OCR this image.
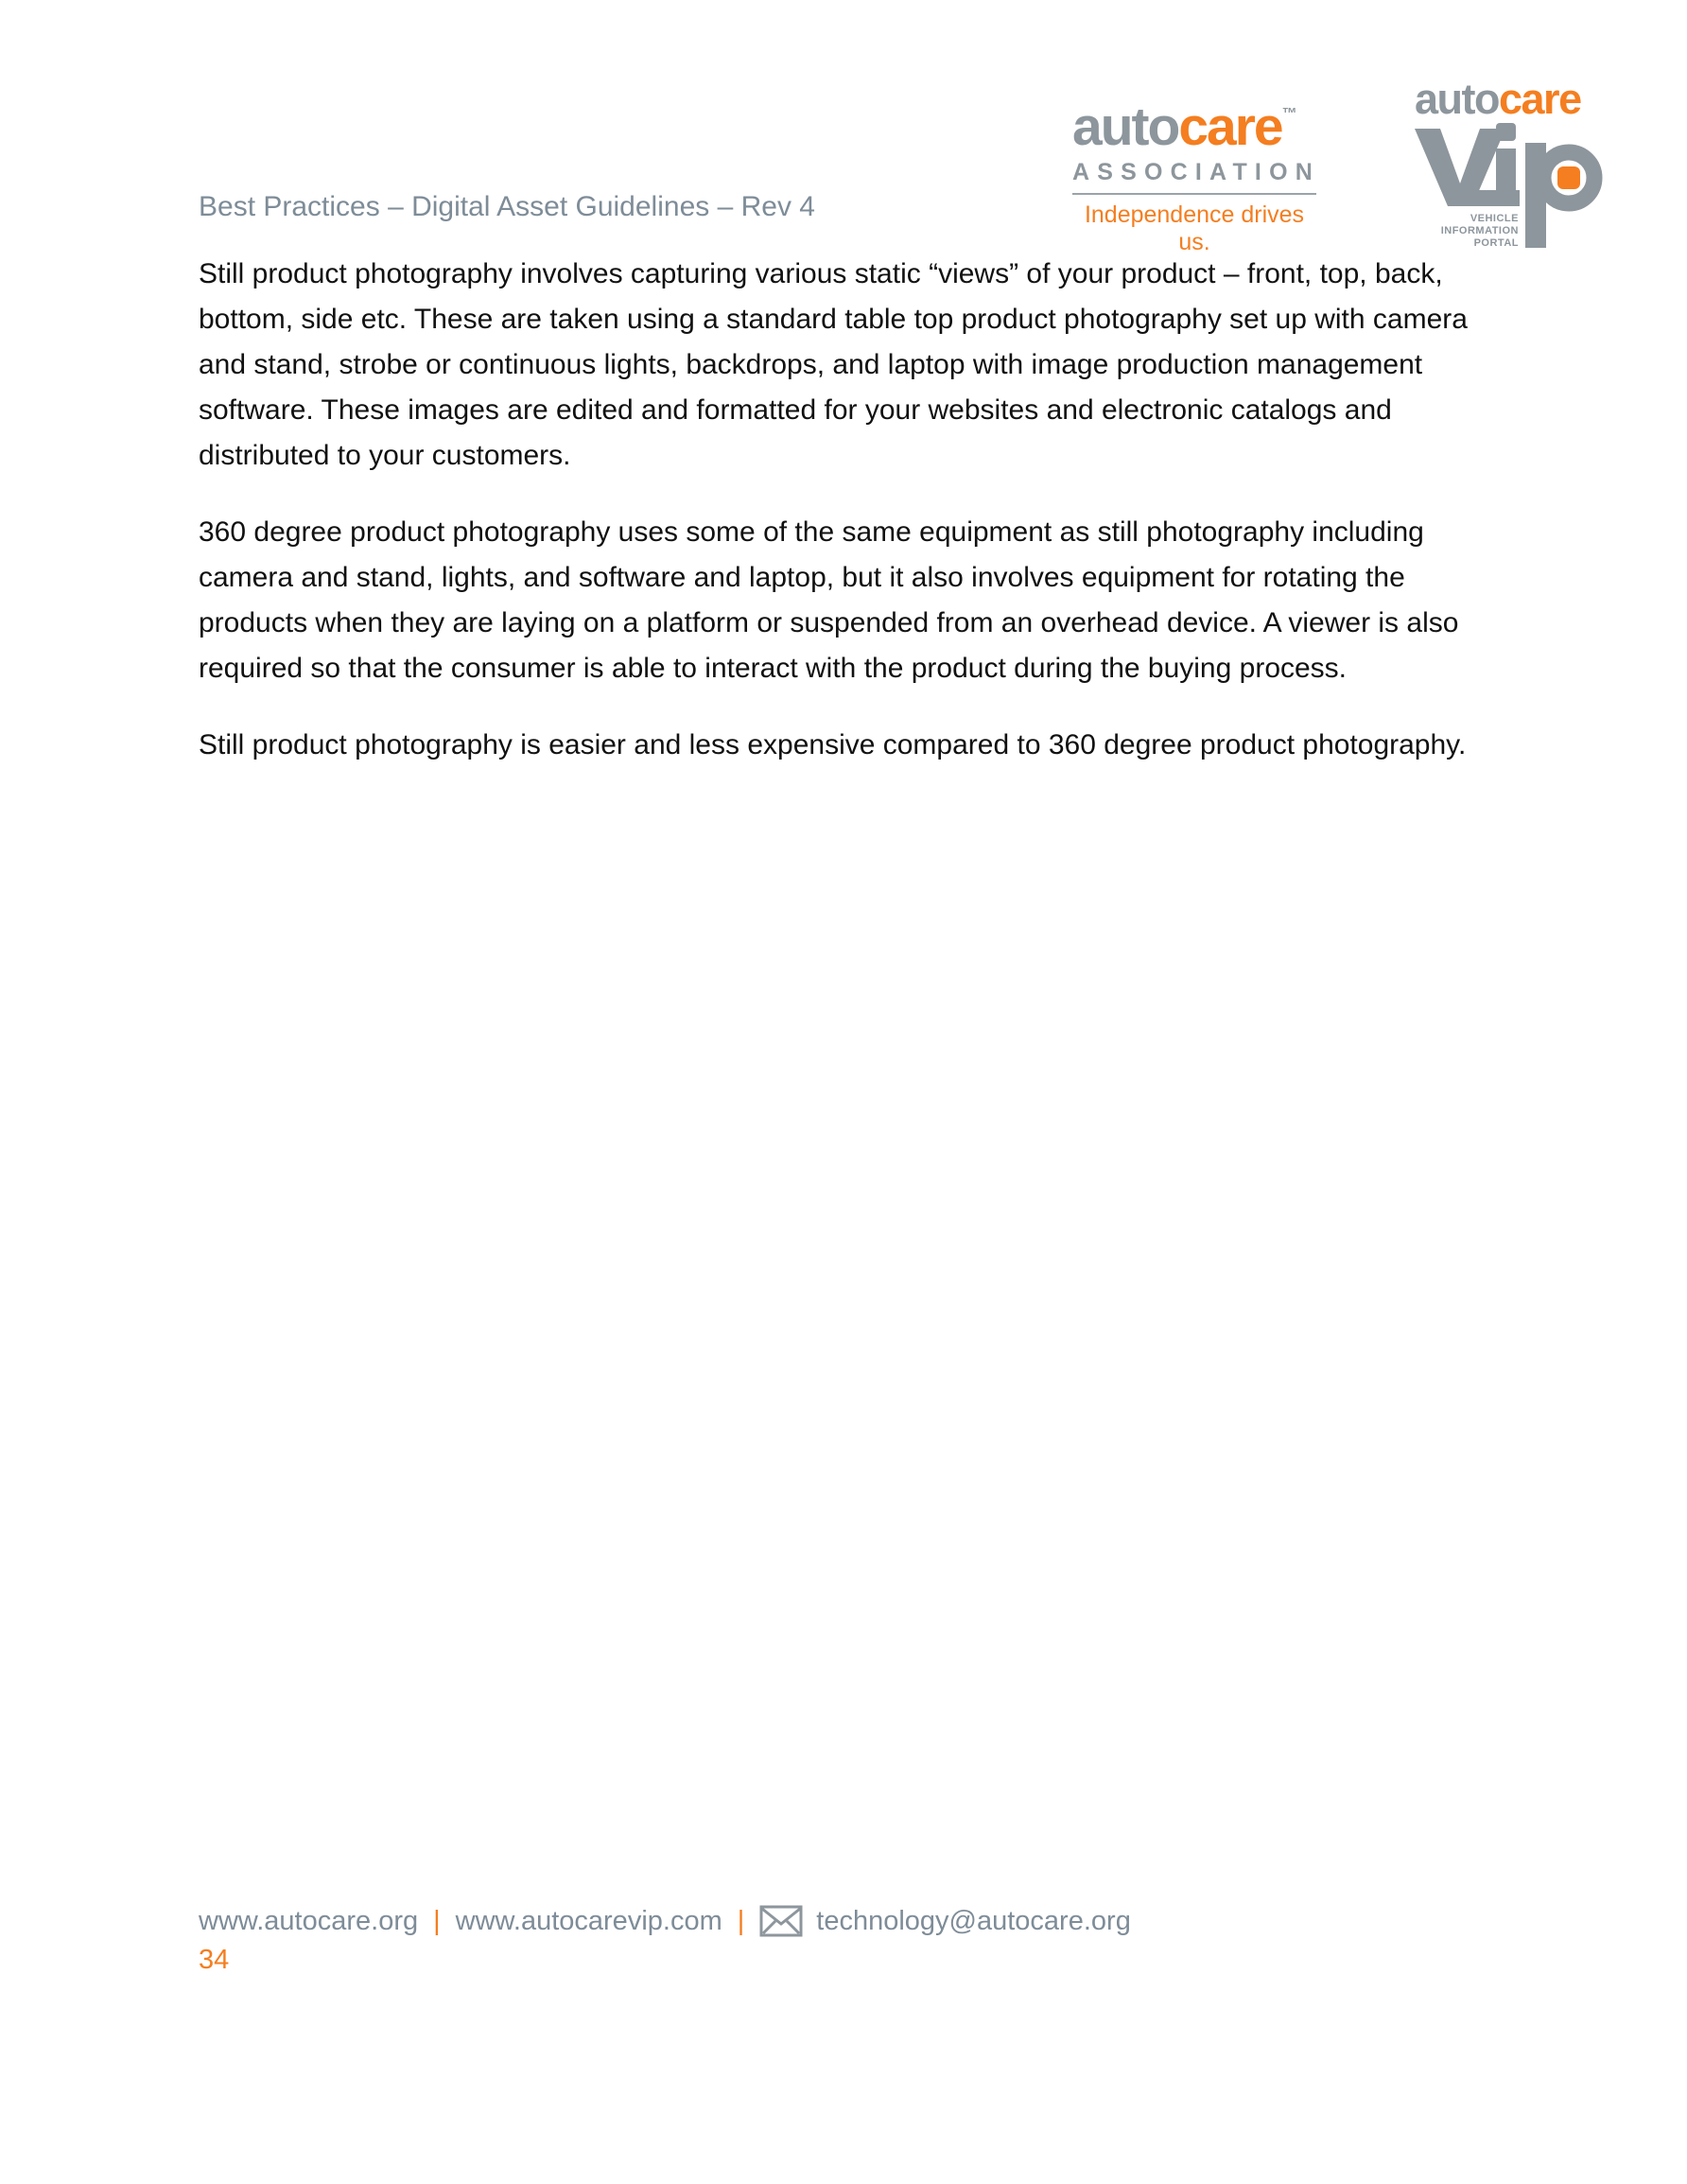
Best Practices – Digital Asset Guidelines – Rev 4
autocare™
ASSOCIATION
Independence drives us.
autocare
VEHICLE
INFORMATION
PORTAL

Still product photography involves capturing various static “views” of your product – front, top, back, bottom, side etc. These are taken using a standard table top product photography set up with camera and stand, strobe or continuous lights, backdrops, and laptop with image production management software. These images are edited and formatted for your websites and electronic catalogs and distributed to your customers.

360 degree product photography uses some of the same equipment as still photography including camera and stand, lights, and software and laptop, but it also involves equipment for rotating the products when they are laying on a platform or suspended from an overhead device. A viewer is also required so that the consumer is able to interact with the product during the buying process.

Still product photography is easier and less expensive compared to 360 degree product photography.

www.autocare.org | www.autocarevip.com |	technology@autocare.org
34
